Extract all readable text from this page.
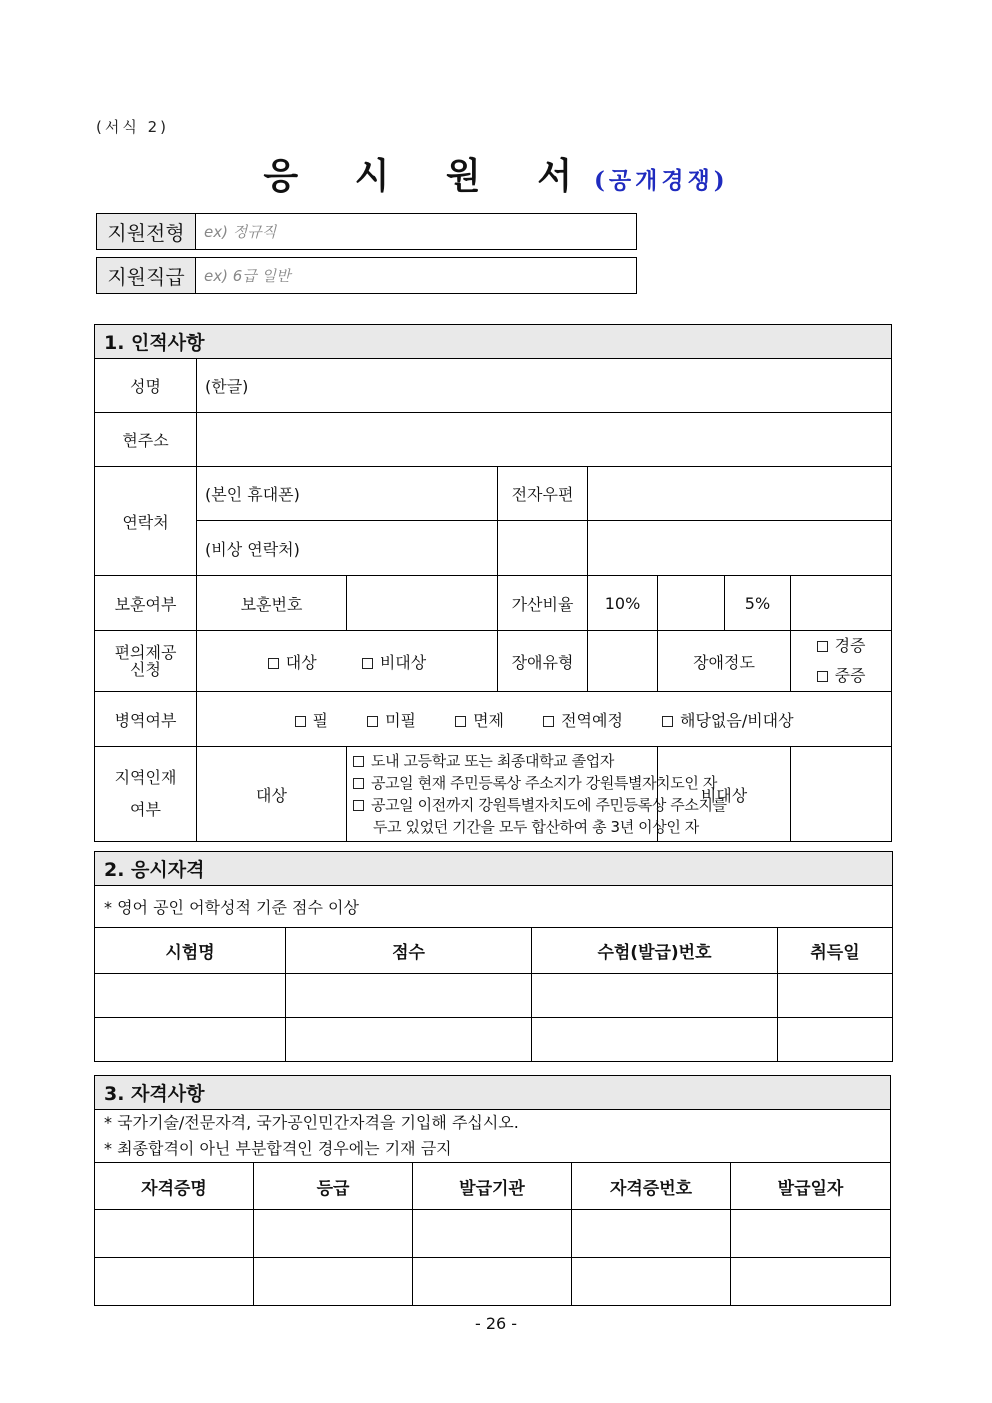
(서식 2)
응 시 원 서(공개경쟁)
지원전형	ex) 정규직
지원직급	ex) 6급 일반
1. 인적사항							
성명	(한글)						
현주소							
연락처	(본인 휴대폰)		전자우편				
	(비상 연락처)						
보훈여부	보훈번호		가산비율	10%		5%	
편의제공
신청	대상 비대상		장애유형		장애정도		경증
중증
병역여부	필 미필 면제 전역예정 해당없음/비대상						
지역인재
여부	대상	도내 고등학교 또는 최종대학교 졸업자
공고일 현재 주민등록상 주소지가 강원특별자치도인 자
공고일 이전까지 강원특별자치도에 주민등록상 주소지를
두고 있었던 기간을 모두 합산하여 총 3년 이상인 자			비대상		
2. 응시자격			
* 영어 공인 어학성적 기준 점수 이상			
시험명	점수	수험(발급)번호	취득일

3. 자격사항				
* 국가기술/전문자격, 국가공인민간자격을 기입해 주십시오.
* 최종합격이 아닌 부분합격인 경우에는 기재 금지				
자격증명	등급	발급기관	자격증번호	발급일자

- 26 -
